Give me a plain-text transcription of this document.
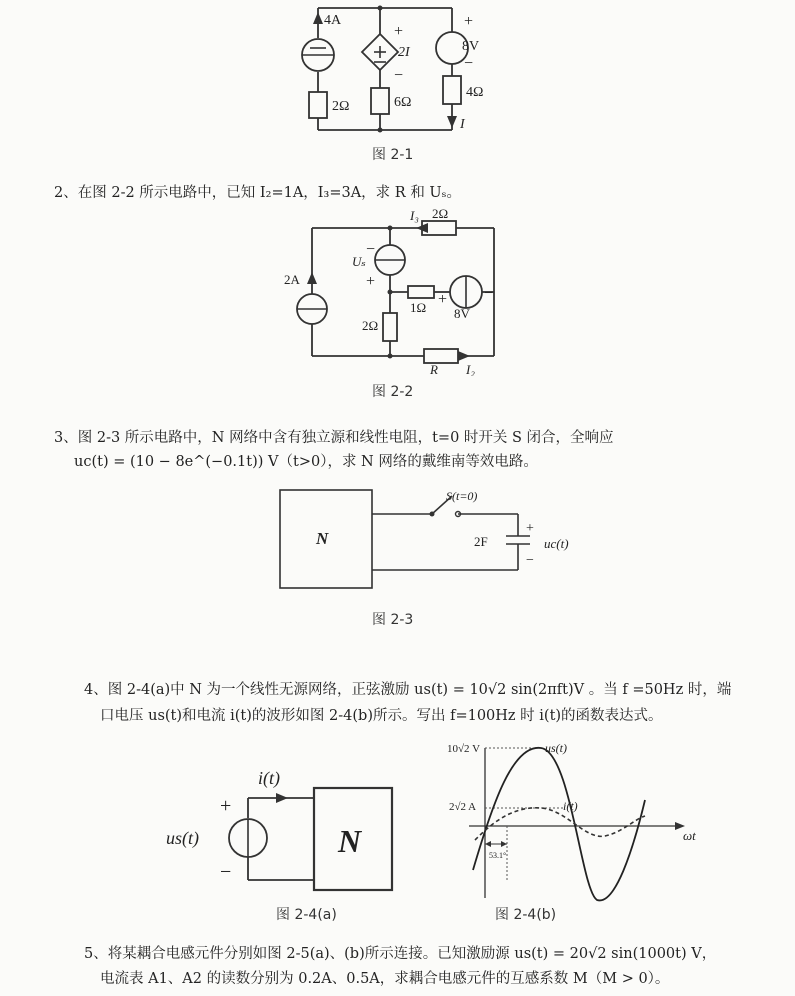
4A
+
2I
−
+
8V
−
2Ω	6Ω
4Ω
I
图 2-1
2、在图 2-2 所示电路中，已知 I₂=1A，I₃=3A，求 R 和 Uₛ。
I₃ 2Ω
−
Uₛ
+
2A
1Ω + −
8V
2Ω
R I₂
图 2-2
3、图 2-3 所示电路中，N 网络中含有独立源和线性电阻，t=0 时开关 S 闭合，全响应
uc(t) = (10 − 8e^(−0.1t)) V（t>0），求 N 网络的戴维南等效电路。
N
S(t=0)
2F
+
uc(t)
−
图 2-3
4、图 2-4(a)中 N 为一个线性无源网络，正弦激励 us(t) = 10√2 sin(2πft)V 。当 f =50Hz 时，端
口电压 us(t)和电流 i(t)的波形如图 2-4(b)所示。写出 f=100Hz 时 i(t)的函数表达式。
i(t)
+
us(t)
−
N
图 2-4(a)
10√2 V
2√2 A
us(t)
i(t)
ωt
53.1°
图 2-4(b)
5、将某耦合电感元件分别如图 2-5(a)、(b)所示连接。已知激励源 us(t) = 20√2 sin(1000t) V，
电流表 A1、A2 的读数分别为 0.2A、0.5A，求耦合电感元件的互感系数 M（M > 0）。
